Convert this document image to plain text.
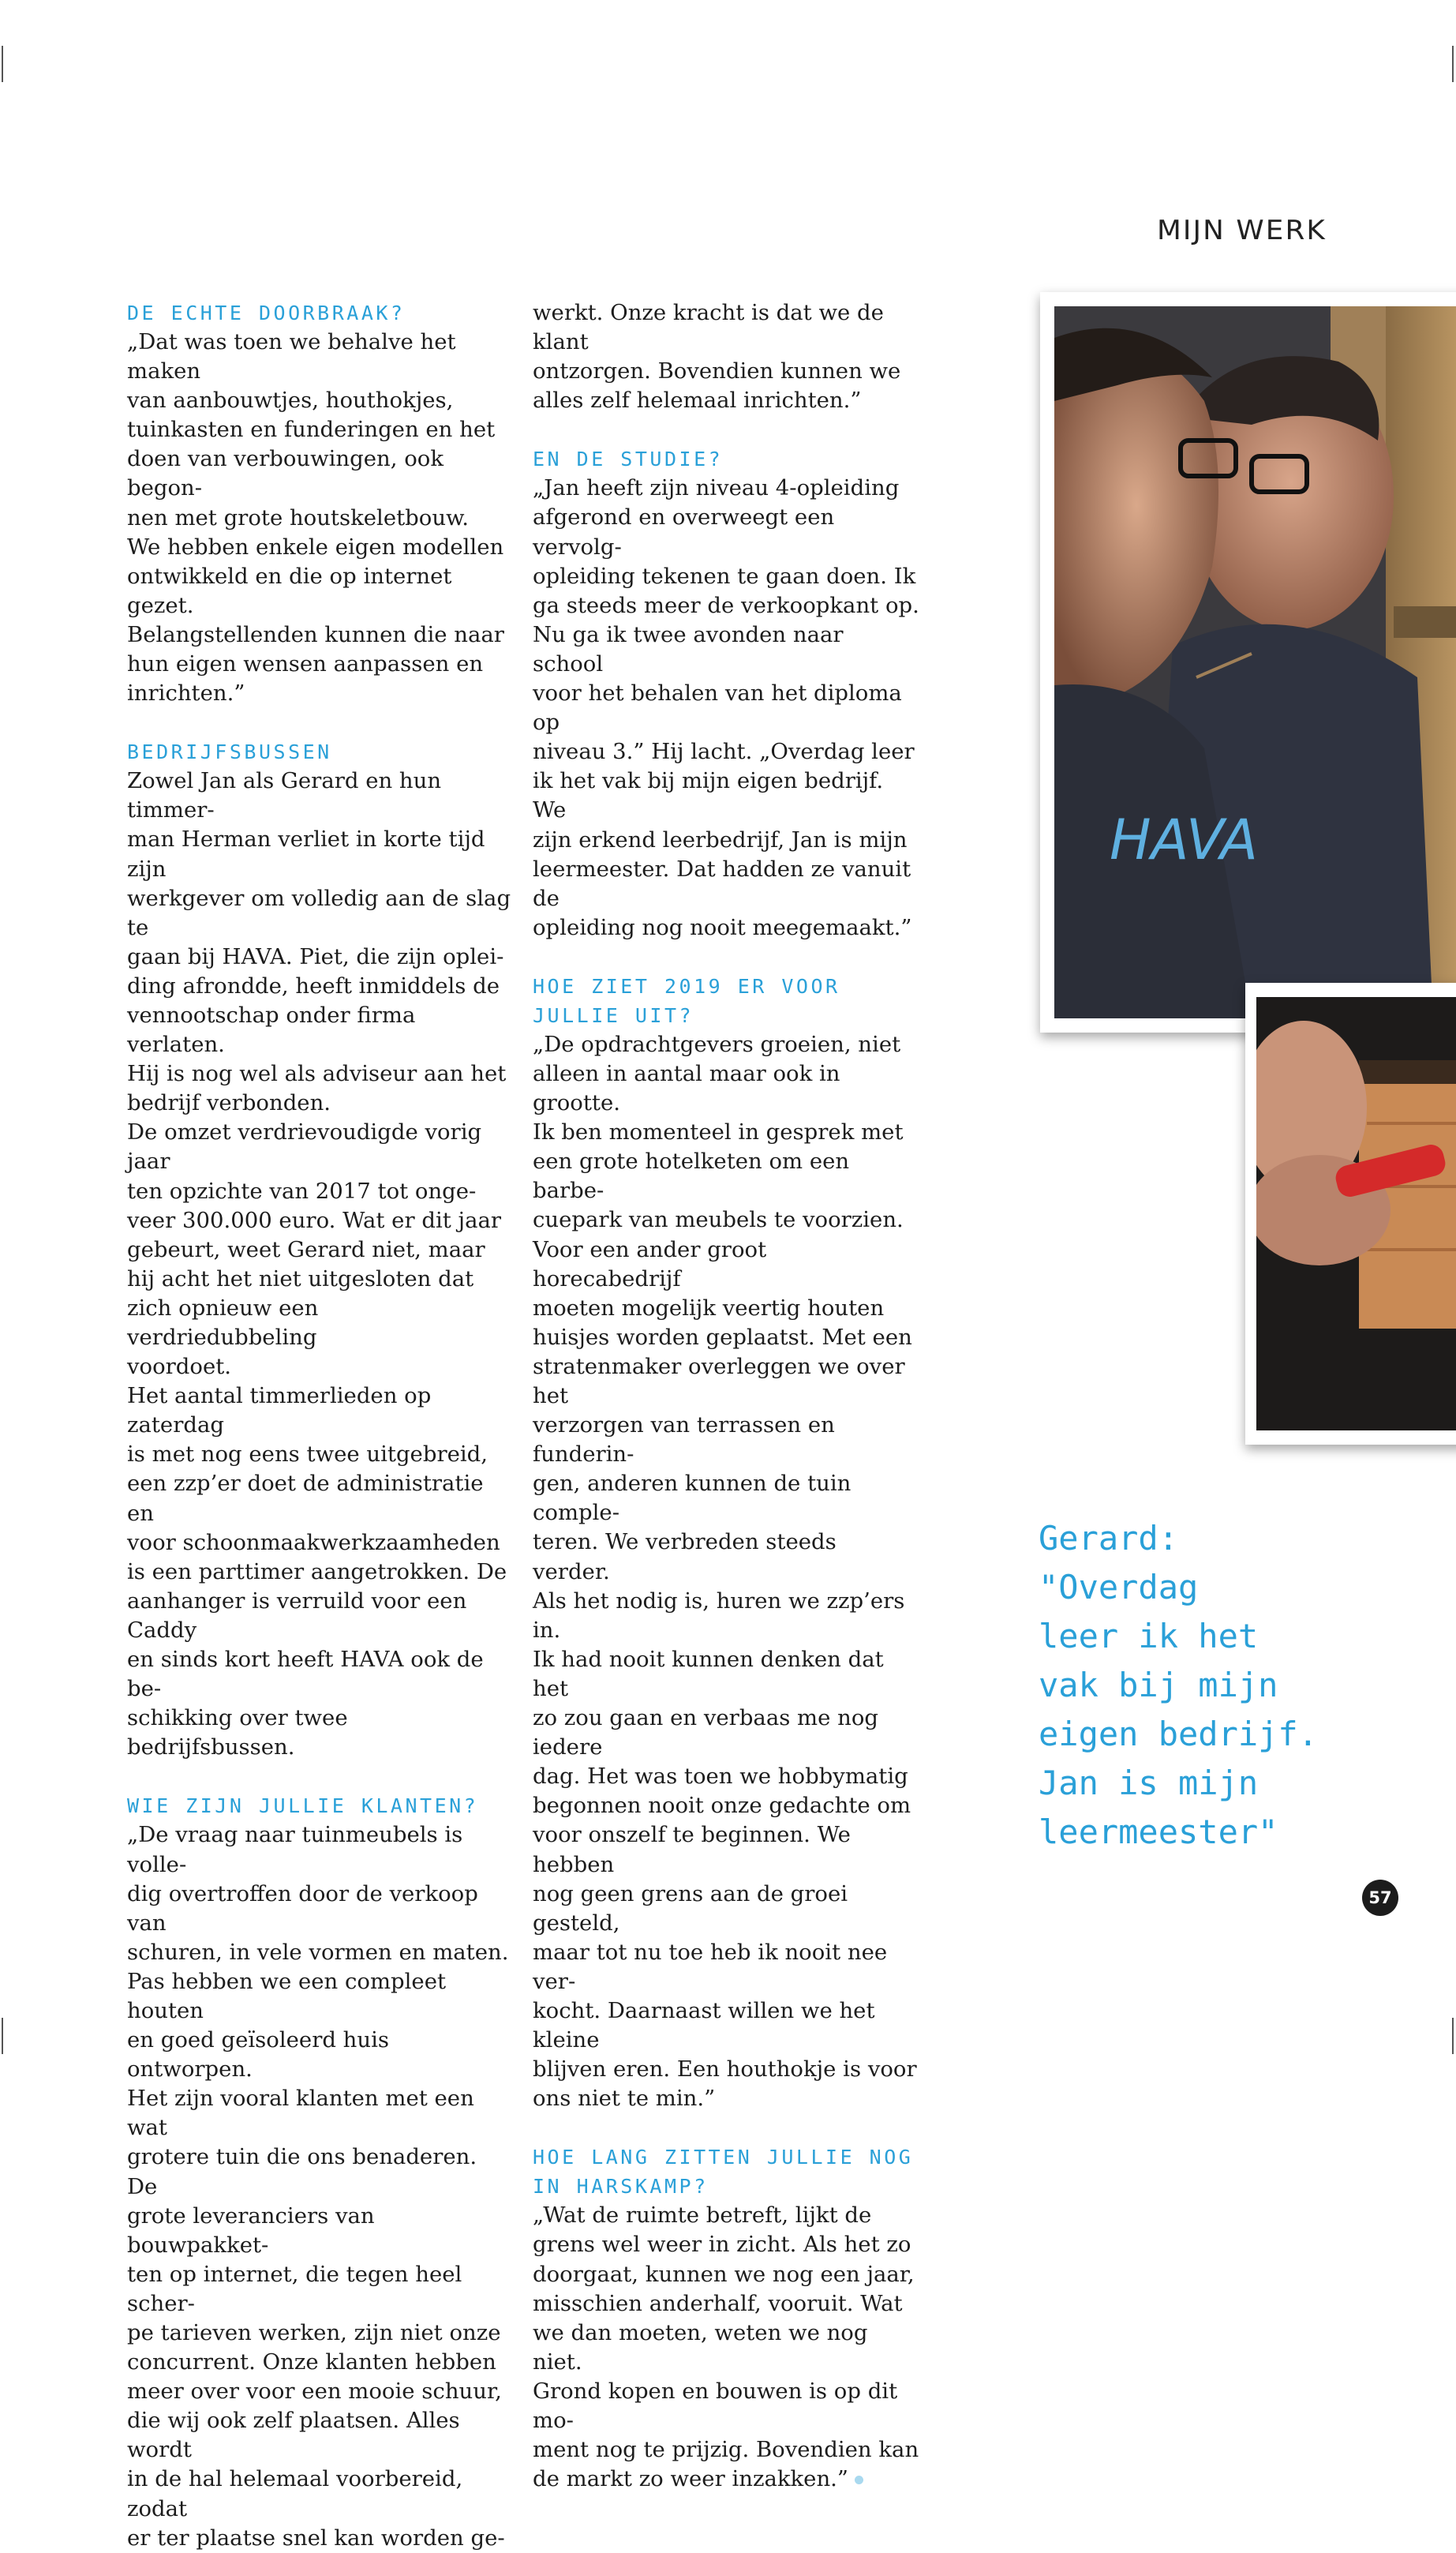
MIJN WERK
DE ECHTE DOORBRAAK?
„Dat was toen we behalve het maken
van aanbouwtjes, houthokjes,
tuinkasten en funderingen en het
doen van verbouwingen, ook begon-
nen met grote houtskeletbouw.
We hebben enkele eigen modellen
ontwikkeld en die op internet gezet.
Belangstellenden kunnen die naar
hun eigen wensen aanpassen en
inrichten.”
BEDRIJFSBUSSEN
Zowel Jan als Gerard en hun timmer-
man Herman verliet in korte tijd zijn
werkgever om volledig aan de slag te
gaan bij HAVA. Piet, die zijn oplei-
ding afrondde, heeft inmiddels de
vennootschap onder firma verlaten.
Hij is nog wel als adviseur aan het
bedrijf verbonden.
De omzet verdrievoudigde vorig jaar
ten opzichte van 2017 tot onge-
veer 300.000 euro. Wat er dit jaar
gebeurt, weet Gerard niet, maar
hij acht het niet uitgesloten dat
zich opnieuw een verdriedubbeling
voordoet.
Het aantal timmerlieden op zaterdag
is met nog eens twee uitgebreid,
een zzp’er doet de administratie en
voor schoonmaakwerkzaamheden
is een parttimer aangetrokken. De
aanhanger is verruild voor een Caddy
en sinds kort heeft HAVA ook de be-
schikking over twee bedrijfsbussen.
WIE ZIJN JULLIE KLANTEN?
„De vraag naar tuinmeubels is volle-
dig overtroffen door de verkoop van
schuren, in vele vormen en maten.
Pas hebben we een compleet houten
en goed geïsoleerd huis ontworpen.
Het zijn vooral klanten met een wat
grotere tuin die ons benaderen. De
grote leveranciers van bouwpakket-
ten op internet, die tegen heel scher-
pe tarieven werken, zijn niet onze
concurrent. Onze klanten hebben
meer over voor een mooie schuur,
die wij ook zelf plaatsen. Alles wordt
in de hal helemaal voorbereid, zodat
er ter plaatse snel kan worden ge-
werkt. Onze kracht is dat we de klant
ontzorgen. Bovendien kunnen we
alles zelf helemaal inrichten.”
EN DE STUDIE?
„Jan heeft zijn niveau 4-opleiding
afgerond en overweegt een vervolg-
opleiding tekenen te gaan doen. Ik
ga steeds meer de verkoopkant op.
Nu ga ik twee avonden naar school
voor het behalen van het diploma op
niveau 3.” Hij lacht. „Overdag leer
ik het vak bij mijn eigen bedrijf. We
zijn erkend leerbedrijf, Jan is mijn
leermeester. Dat hadden ze vanuit de
opleiding nog nooit meegemaakt.”
HOE ZIET 2019 ER VOOR
JULLIE UIT?
„De opdrachtgevers groeien, niet
alleen in aantal maar ook in grootte.
Ik ben momenteel in gesprek met
een grote hotelketen om een barbe-
cuepark van meubels te voorzien.
Voor een ander groot horecabedrijf
moeten mogelijk veertig houten
huisjes worden geplaatst. Met een
stratenmaker overleggen we over het
verzorgen van terrassen en funderin-
gen, anderen kunnen de tuin comple-
teren. We verbreden steeds verder.
Als het nodig is, huren we zzp’ers in.
Ik had nooit kunnen denken dat het
zo zou gaan en verbaas me nog iedere
dag. Het was toen we hobbymatig
begonnen nooit onze gedachte om
voor onszelf te beginnen. We hebben
nog geen grens aan de groei gesteld,
maar tot nu toe heb ik nooit nee ver-
kocht. Daarnaast willen we het kleine
blijven eren. Een houthokje is voor
ons niet te min.”
HOE LANG ZITTEN JULLIE NOG
IN HARSKAMP?
„Wat de ruimte betreft, lijkt de
grens wel weer in zicht. Als het zo
doorgaat, kunnen we nog een jaar,
misschien anderhalf, vooruit. Wat
we dan moeten, weten we nog niet.
Grond kopen en bouwen is op dit mo-
ment nog te prijzig. Bovendien kan
de markt zo weer inzakken.”
HAVA
Gerard:
"Overdag
leer ik het
vak bij mijn
eigen bedrijf.
Jan is mijn
leermeester"
57
